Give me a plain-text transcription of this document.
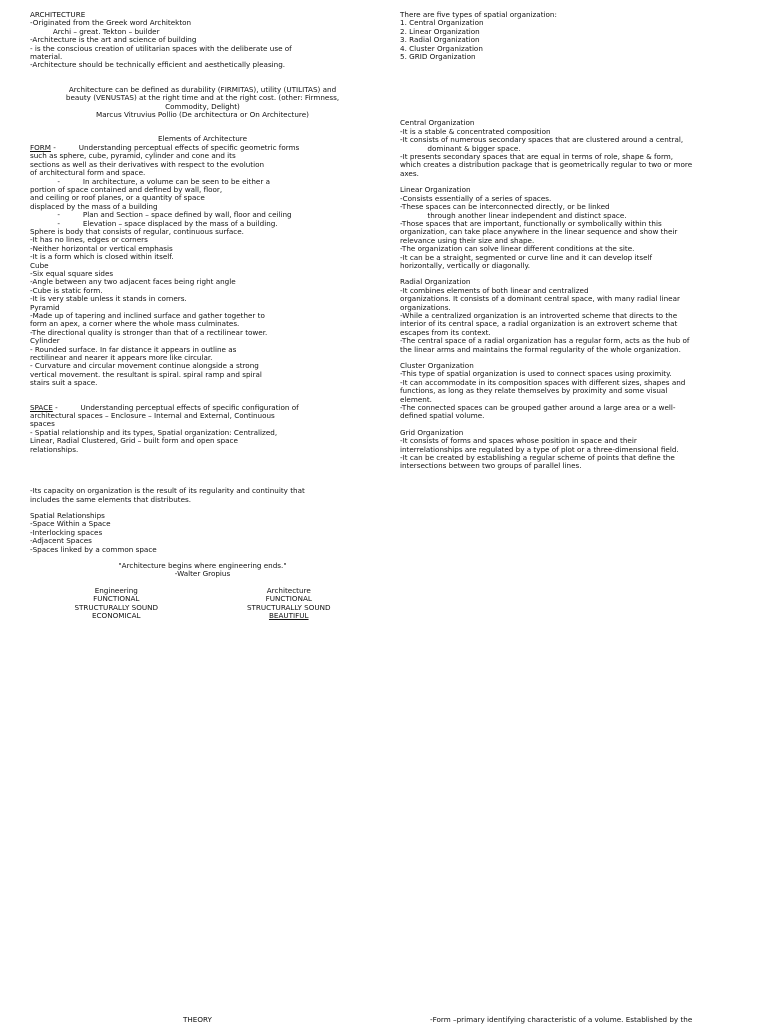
ARCHITECTURE
-Originated from the Greek word Architekton
Archi – great. Tekton – builder
-Architecture is the art and science of building
- is the conscious creation of utilitarian spaces with the deliberate use of
material.
-Architecture should be technically efficient and aesthetically pleasing.
Architecture can be defined as durability (FIRMITAS), utility (UTILITAS) and
beauty (VENUSTAS) at the right time and at the right cost. (other: Firmness,
Commodity, Delight)
Marcus Vitruvius Pollio (De architectura or On Architecture)
Elements of Architecture
FORM -          Understanding perceptual effects of specific geometric forms
such as sphere, cube, pyramid, cylinder and cone and its
sections as well as their derivatives with respect to the evolution
of architectural form and space.
-          In architecture, a volume can be seen to be either a
portion of space contained and defined by wall, floor,
and ceiling or roof planes, or a quantity of space
displaced by the mass of a building
-          Plan and Section – space defined by wall, floor and ceiling
-          Elevation – space displaced by the mass of a building.
Sphere is body that consists of regular, continuous surface.
-It has no lines, edges or corners
-Neither horizontal or vertical emphasis
-It is a form which is closed within itself.
Cube
-Six equal square sides
-Angle between any two adjacent faces being right angle
-Cube is static form.
-It is very stable unless it stands in corners.
Pyramid
-Made up of tapering and inclined surface and gather together to
form an apex, a corner where the whole mass culminates.
-The directional quality is stronger than that of a rectilinear tower.
Cylinder
- Rounded surface. In far distance it appears in outline as
rectilinear and nearer it appears more like circular.
- Curvature and circular movement continue alongside a strong
vertical movement. the resultant is spiral. spiral ramp and spiral
stairs suit a space.
SPACE -          Understanding perceptual effects of specific configuration of
architectural spaces – Enclosure – Internal and External, Continuous
spaces
- Spatial relationship and its types, Spatial organization: Centralized,
Linear, Radial Clustered, Grid – built form and open space
relationships.
-Its capacity on organization is the result of its regularity and continuity that
includes the same elements that distributes.
Spatial Relationships
-Space Within a Space
-Interlocking spaces
-Adjacent Spaces
-Spaces linked by a common space
"Architecture begins where engineering ends."
-Walter Gropius
Engineering
FUNCTIONAL
STRUCTURALLY SOUND
ECONOMICAL
Architecture
FUNCTIONAL
STRUCTURALLY SOUND
BEAUTIFUL
There are five types of spatial organization:
1. Central Organization
2. Linear Organization
3. Radial Organization
4. Cluster Organization
5. GRID Organization
Central Organization
-It is a stable & concentrated composition
-It consists of numerous secondary spaces that are clustered around a central,
dominant & bigger space.
-It presents secondary spaces that are equal in terms of role, shape & form,
which creates a distribution package that is geometrically regular to two or more
axes.
Linear Organization
-Consists essentially of a series of spaces.
-These spaces can be interconnected directly, or be linked
through another linear independent and distinct space.
-Those spaces that are important, functionally or symbolically within this
organization, can take place anywhere in the linear sequence and show their
relevance using their size and shape.
-The organization can solve linear different conditions at the site.
-It can be a straight, segmented or curve line and it can develop itself
horizontally, vertically or diagonally.
Radial Organization
-It combines elements of both linear and centralized
organizations. It consists of a dominant central space, with many radial linear
organizations.
-While a centralized organization is an introverted scheme that directs to the
interior of its central space, a radial organization is an extrovert scheme that
escapes from its context.
-The central space of a radial organization has a regular form, acts as the hub of
the linear arms and maintains the formal regularity of the whole organization.
Cluster Organization
-This type of spatial organization is used to connect spaces using proximity.
-It can accommodate in its composition spaces with different sizes, shapes and
functions, as long as they relate themselves by proximity and some visual
element.
-The connected spaces can be grouped gather around a large area or a well-
defined spatial volume.
Grid Organization
-It consists of forms and spaces whose position in space and their
interrelationships are regulated by a type of plot or a three-dimensional field.
-It can be created by establishing a regular scheme of points that define the
intersections between two groups of parallel lines.
THEORY	-Form –primary identifying characteristic of a volume. Established by the
